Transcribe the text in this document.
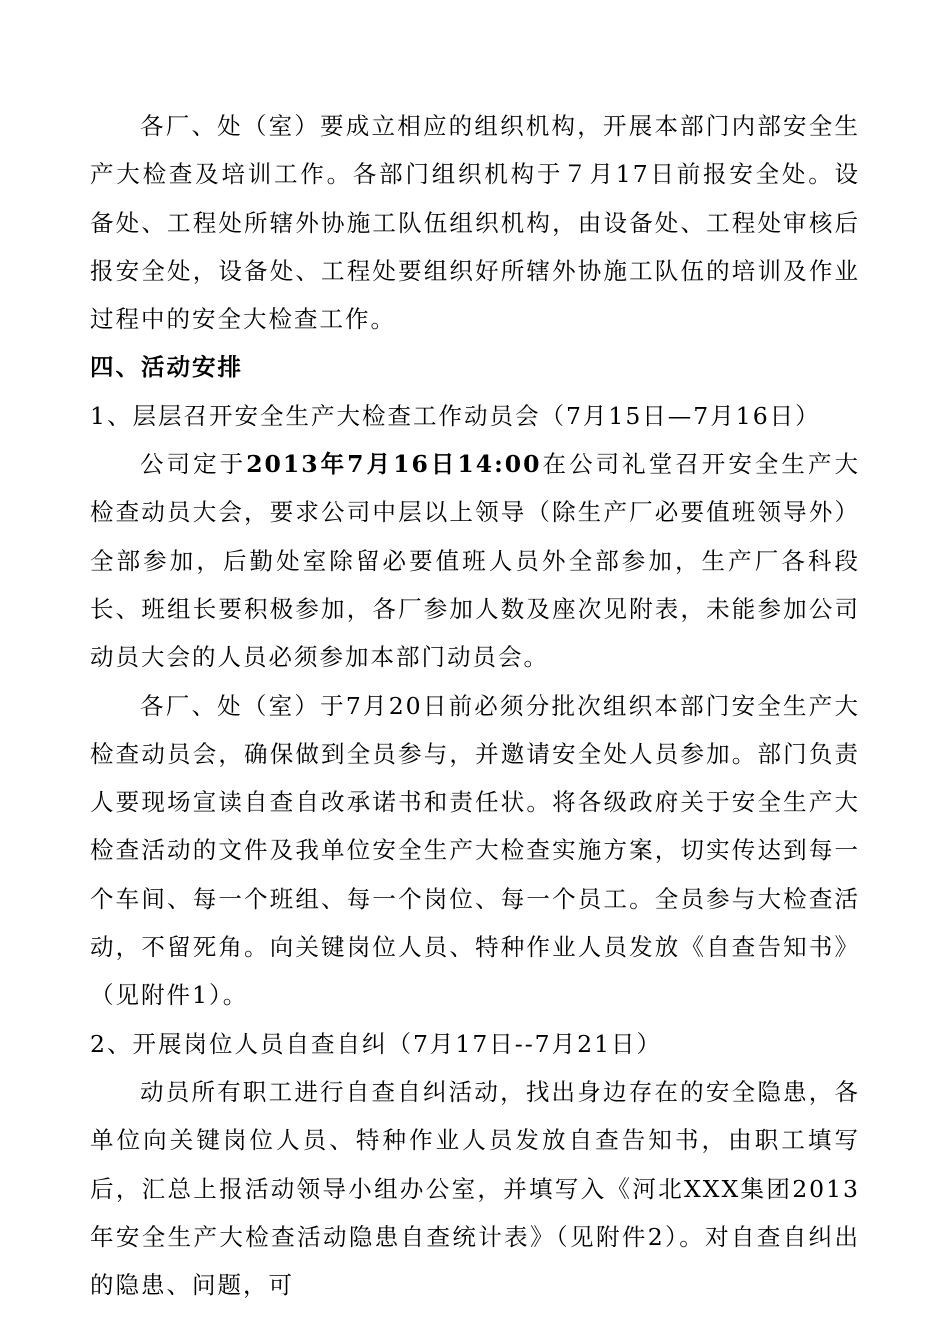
各厂、处（室）要成立相应的组织机构，开展本部门内部安全生产大检查及培训工作。各部门组织机构于７月17日前报安全处。设备处、工程处所辖外协施工队伍组织机构，由设备处、工程处审核后报安全处，设备处、工程处要组织好所辖外协施工队伍的培训及作业过程中的安全大检查工作。

四、活动安排

1、层层召开安全生产大检查工作动员会（7月15日—7月16日）

公司定于2013年7月16日14:00在公司礼堂召开安全生产大检查动员大会，要求公司中层以上领导（除生产厂必要值班领导外）全部参加，后勤处室除留必要值班人员外全部参加，生产厂各科段长、班组长要积极参加，各厂参加人数及座次见附表，未能参加公司动员大会的人员必须参加本部门动员会。

各厂、处（室）于7月20日前必须分批次组织本部门安全生产大检查动员会，确保做到全员参与，并邀请安全处人员参加。部门负责人要现场宣读自查自改承诺书和责任状。将各级政府关于安全生产大检查活动的文件及我单位安全生产大检查实施方案，切实传达到每一个车间、每一个班组、每一个岗位、每一个员工。全员参与大检查活动，不留死角。向关键岗位人员、特种作业人员发放《自查告知书》（见附件1）。

2、开展岗位人员自查自纠（7月17日--7月21日）

动员所有职工进行自查自纠活动，找出身边存在的安全隐患，各单位向关键岗位人员、特种作业人员发放自查告知书，由职工填写后，汇总上报活动领导小组办公室，并填写入《河北XXX集团2013年安全生产大检查活动隐患自查统计表》（见附件2）。对自查自纠出的隐患、问题，可
